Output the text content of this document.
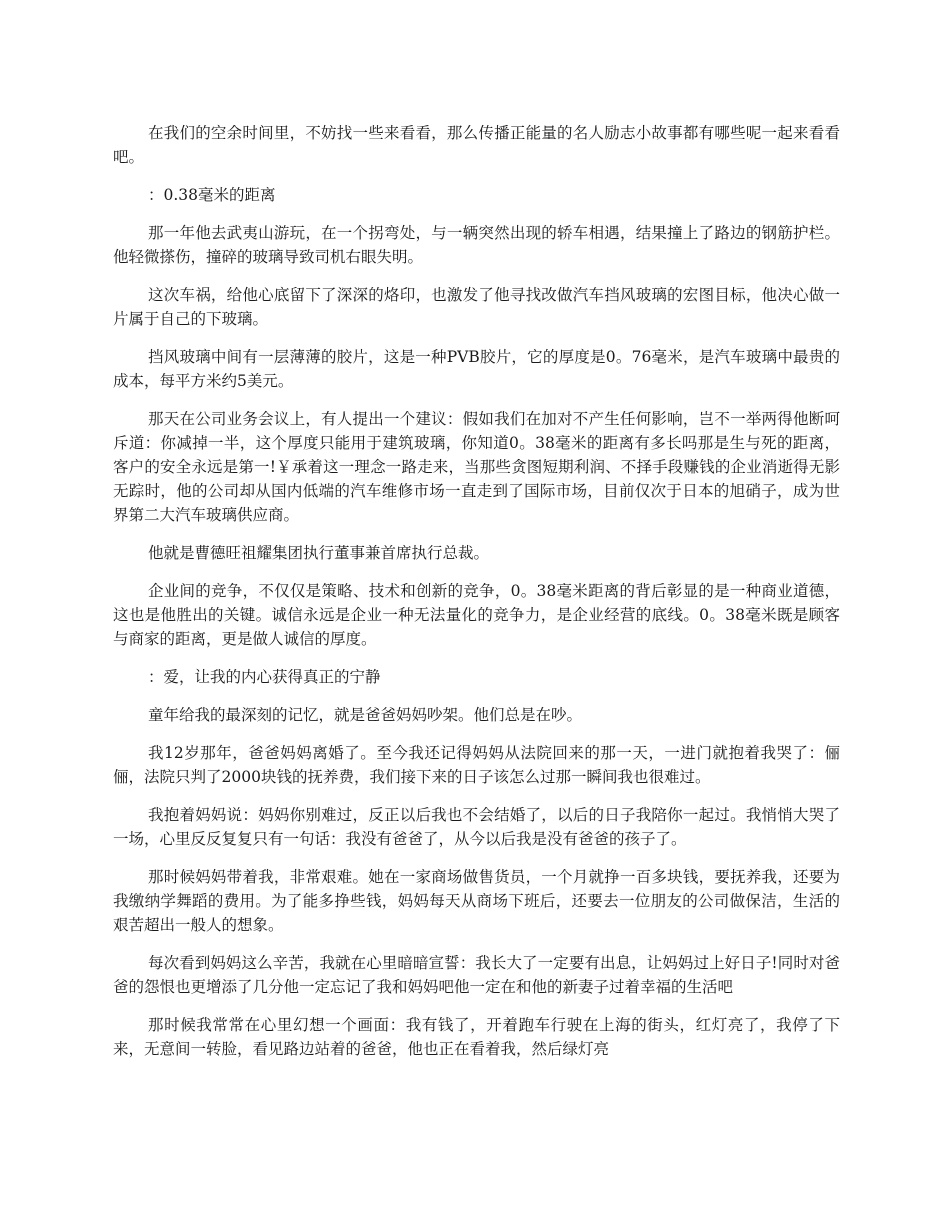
在我们的空余时间里，不妨找一些来看看，那么传播正能量的名人励志小故事都有哪些呢一起来看看吧。

：0.38毫米的距离

那一年他去武夷山游玩，在一个拐弯处，与一辆突然出现的轿车相遇，结果撞上了路边的钢筋护栏。他轻微搽伤，撞碎的玻璃导致司机右眼失明。

这次车祸，给他心底留下了深深的烙印，也激发了他寻找改做汽车挡风玻璃的宏图目标，他决心做一片属于自己的下玻璃。

挡风玻璃中间有一层薄薄的胶片，这是一种PVB胶片，它的厚度是0。76毫米，是汽车玻璃中最贵的成本，每平方米约5美元。

那天在公司业务会议上，有人提出一个建议：假如我们在加对不产生任何影响，岂不一举两得他断呵斥道：你减掉一半，这个厚度只能用于建筑玻璃，你知道0。38毫米的距离有多长吗那是生与死的距离，客户的安全永远是第一!￥承着这一理念一路走来，当那些贪图短期利润、不择手段赚钱的企业消逝得无影无踪时，他的公司却从国内低端的汽车维修市场一直走到了国际市场，目前仅次于日本的旭硝子，成为世界第二大汽车玻璃供应商。

他就是曹德旺祖耀集团执行董事兼首席执行总裁。

企业间的竞争，不仅仅是策略、技术和创新的竞争，0。38毫米距离的背后彰显的是一种商业道德，这也是他胜出的关键。诚信永远是企业一种无法量化的竞争力，是企业经营的底线。0。38毫米既是顾客与商家的距离，更是做人诚信的厚度。

：爱，让我的内心获得真正的宁静

童年给我的最深刻的记忆，就是爸爸妈妈吵架。他们总是在吵。

我12岁那年，爸爸妈妈离婚了。至今我还记得妈妈从法院回来的那一天，一进门就抱着我哭了：俪俪，法院只判了2000块钱的抚养费，我们接下来的日子该怎么过那一瞬间我也很难过。

我抱着妈妈说：妈妈你别难过，反正以后我也不会结婚了，以后的日子我陪你一起过。我悄悄大哭了一场，心里反反复复只有一句话：我没有爸爸了，从今以后我是没有爸爸的孩子了。

那时候妈妈带着我，非常艰难。她在一家商场做售货员，一个月就挣一百多块钱，要抚养我，还要为我缴纳学舞蹈的费用。为了能多挣些钱，妈妈每天从商场下班后，还要去一位朋友的公司做保洁，生活的艰苦超出一般人的想象。

每次看到妈妈这么辛苦，我就在心里暗暗宣誓：我长大了一定要有出息，让妈妈过上好日子!同时对爸爸的怨恨也更增添了几分他一定忘记了我和妈妈吧他一定在和他的新妻子过着幸福的生活吧

那时候我常常在心里幻想一个画面：我有钱了，开着跑车行驶在上海的街头，红灯亮了，我停了下来，无意间一转脸，看见路边站着的爸爸，他也正在看着我，然后绿灯亮
